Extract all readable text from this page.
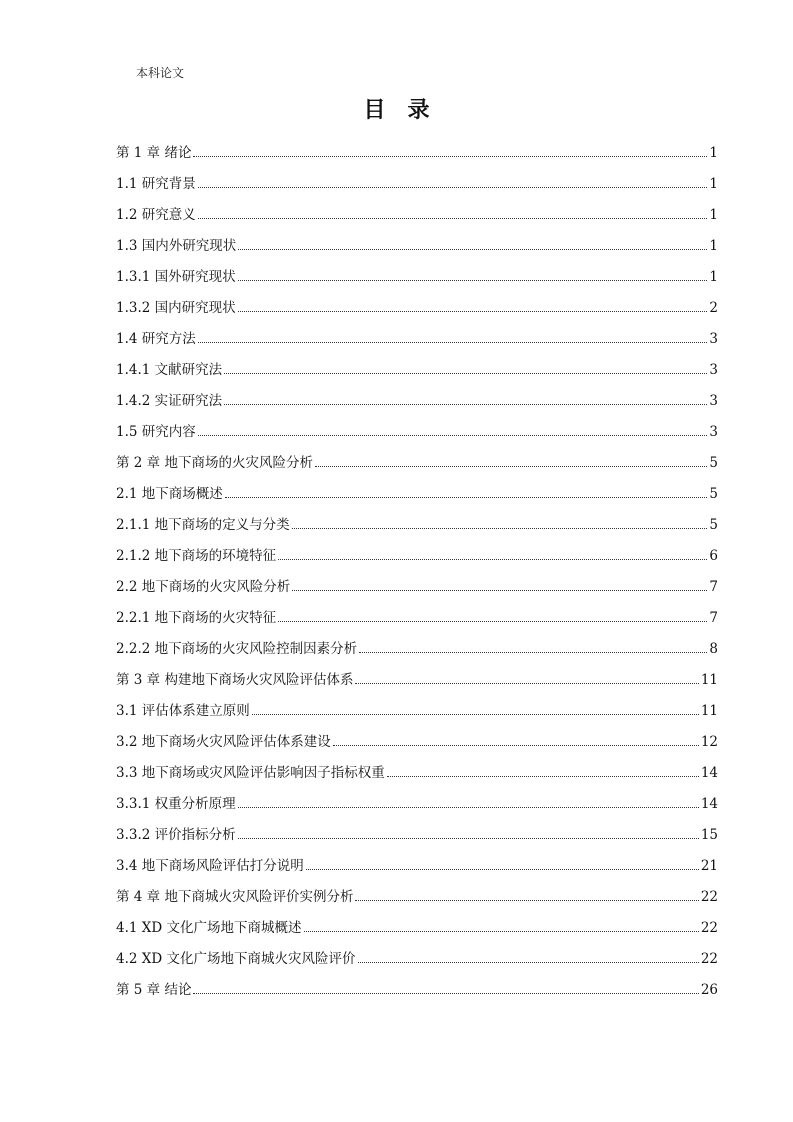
本科论文
目 录
第 1 章 绪论	1
1.1 研究背景	1
1.2 研究意义	1
1.3 国内外研究现状	1
1.3.1 国外研究现状	1
1.3.2 国内研究现状	2
1.4 研究方法	3
1.4.1 文献研究法	3
1.4.2 实证研究法	3
1.5 研究内容	3
第 2 章 地下商场的火灾风险分析	5
2.1 地下商场概述	5
2.1.1 地下商场的定义与分类	5
2.1.2 地下商场的环境特征	6
2.2 地下商场的火灾风险分析	7
2.2.1 地下商场的火灾特征	7
2.2.2 地下商场的火灾风险控制因素分析	8
第 3 章 构建地下商场火灾风险评估体系	11
3.1 评估体系建立原则	11
3.2 地下商场火灾风险评估体系建设	12
3.3 地下商场或灾风险评估影响因子指标权重	14
3.3.1 权重分析原理	14
3.3.2 评价指标分析	15
3.4 地下商场风险评估打分说明	21
第 4 章 地下商城火灾风险评价实例分析	22
4.1 XD 文化广场地下商城概述	22
4.2 XD 文化广场地下商城火灾风险评价	22
第 5 章 结论	26
